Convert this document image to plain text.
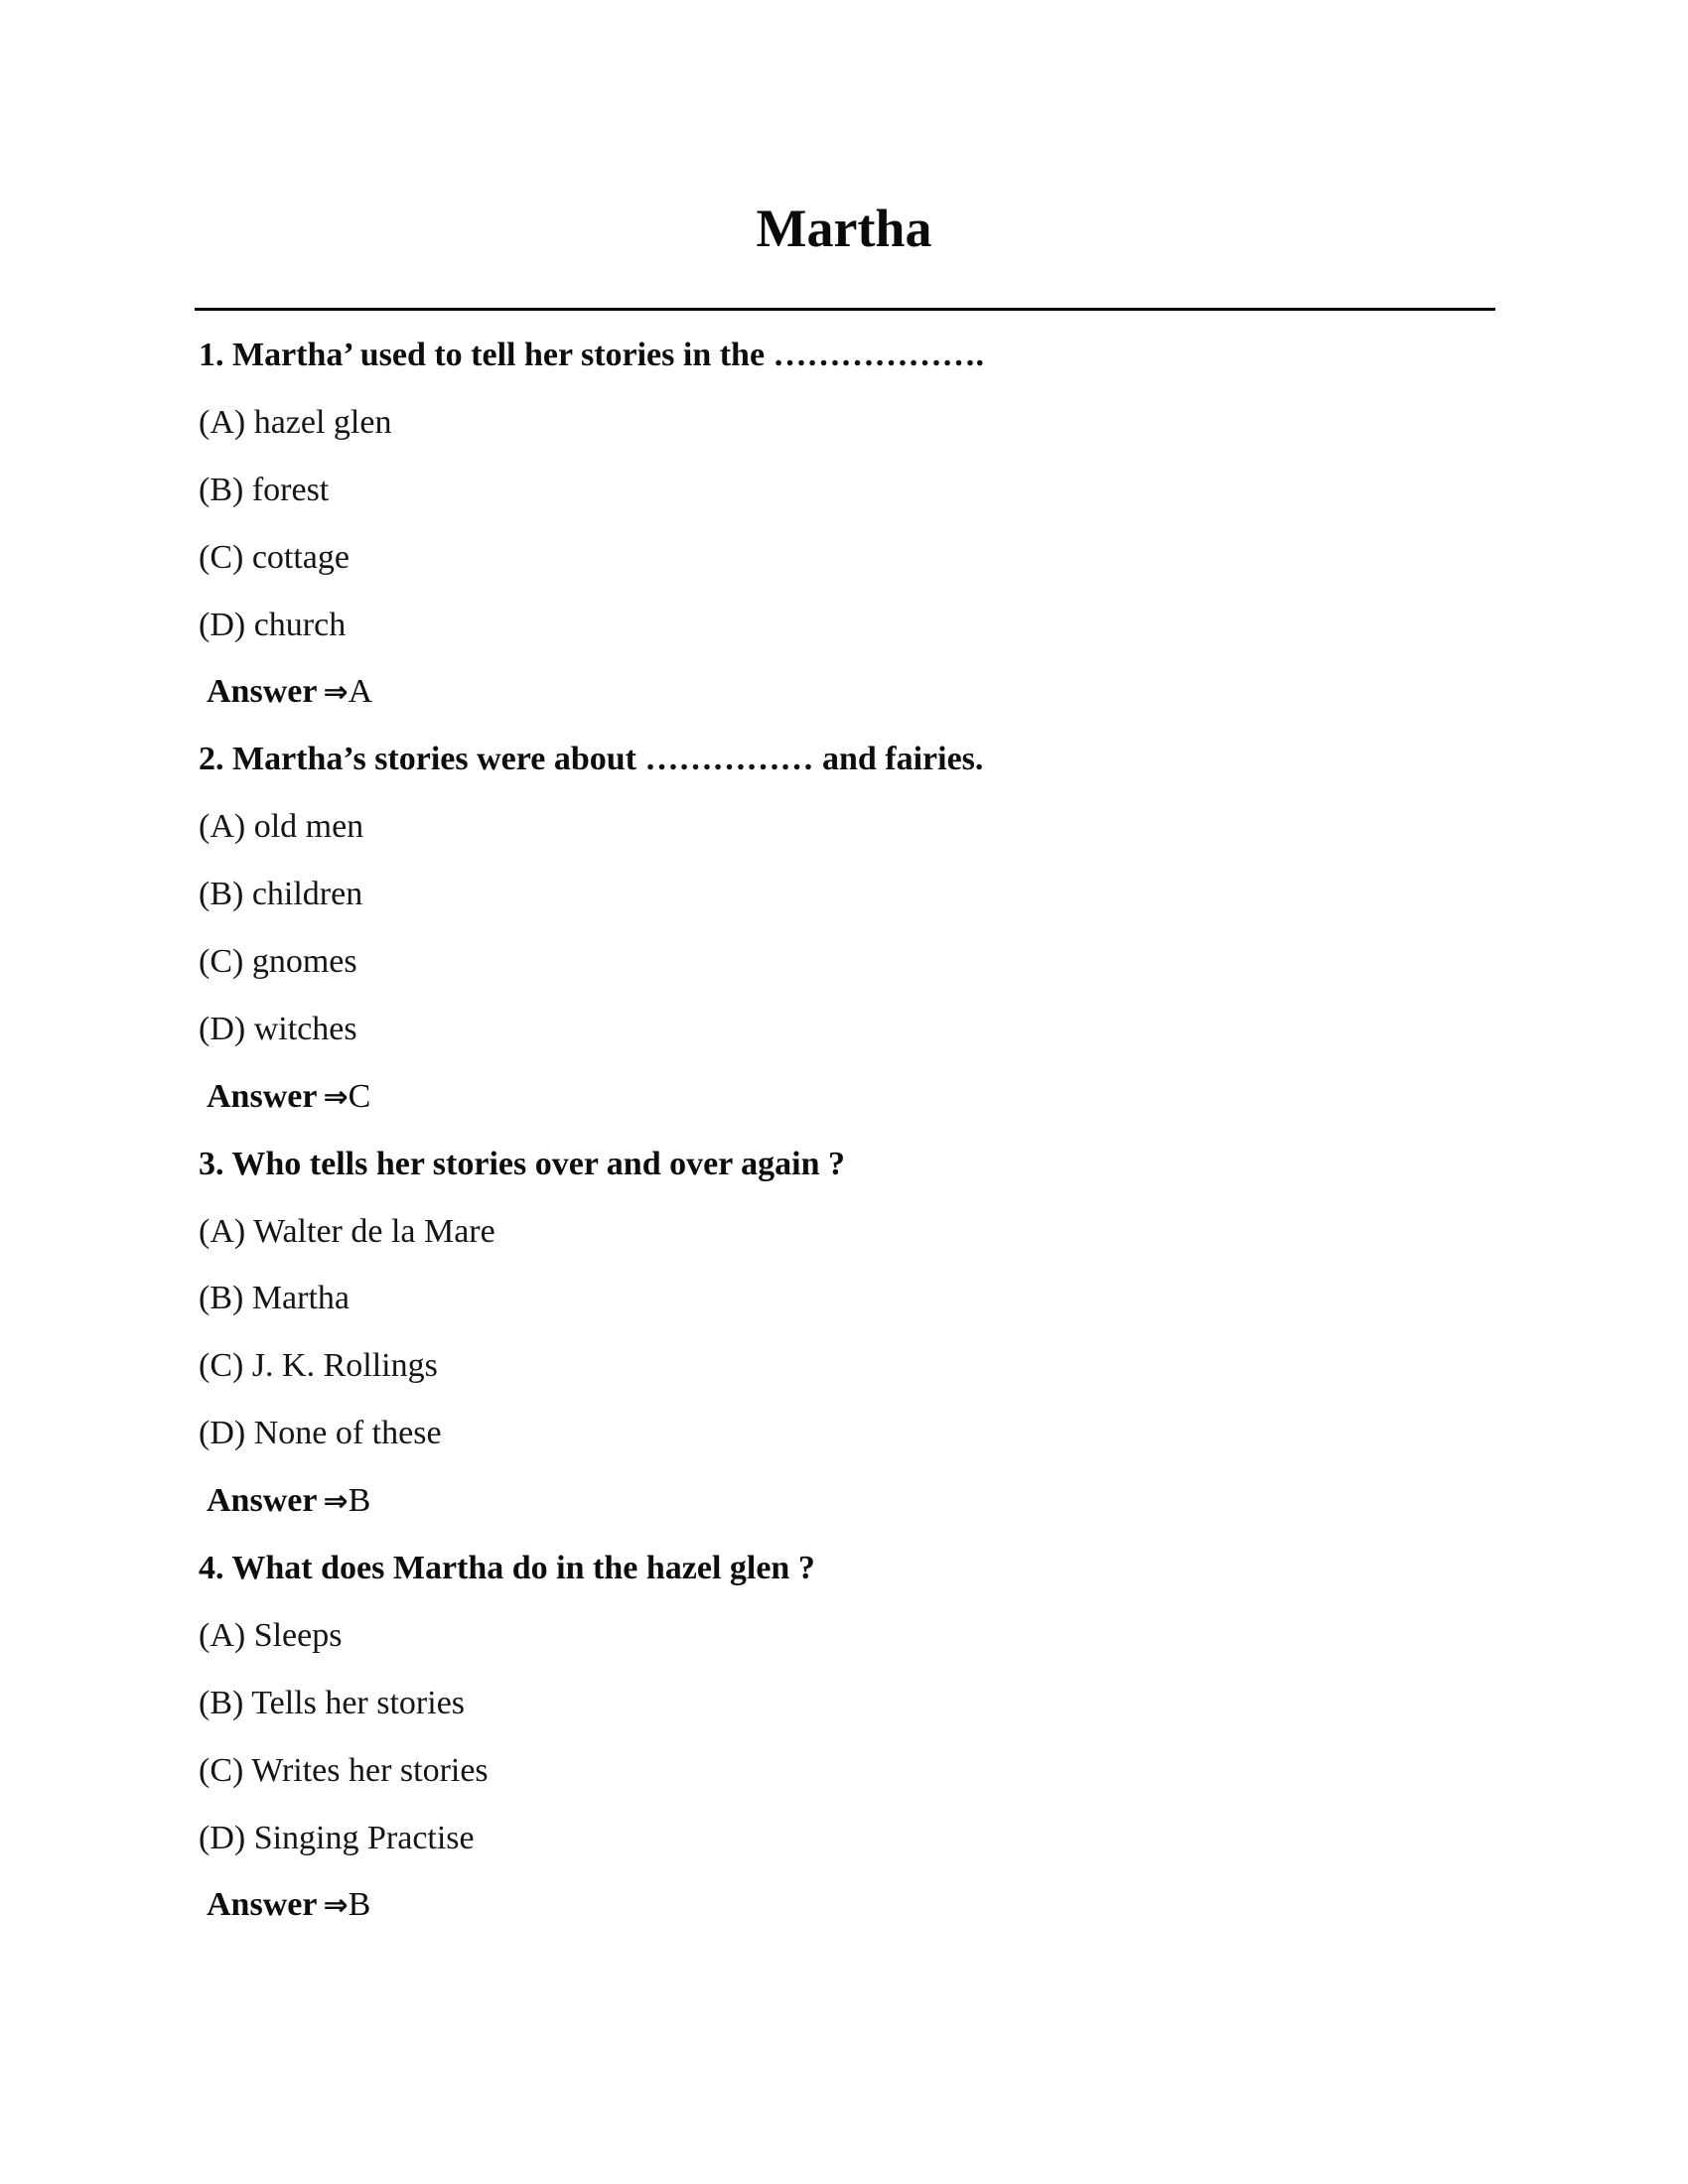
Martha
1. Martha’ used to tell her stories in the ……………….
(A) hazel glen
(B) forest
(C) cottage
(D) church
Answer ⇒A
2. Martha’s stories were about …………… and fairies.
(A) old men
(B) children
(C) gnomes
(D) witches
Answer ⇒C
3. Who tells her stories over and over again ?
(A) Walter de la Mare
(B) Martha
(C) J. K. Rollings
(D) None of these
Answer ⇒B
4. What does Martha do in the hazel glen ?
(A) Sleeps
(B) Tells her stories
(C) Writes her stories
(D) Singing Practise
Answer ⇒B
